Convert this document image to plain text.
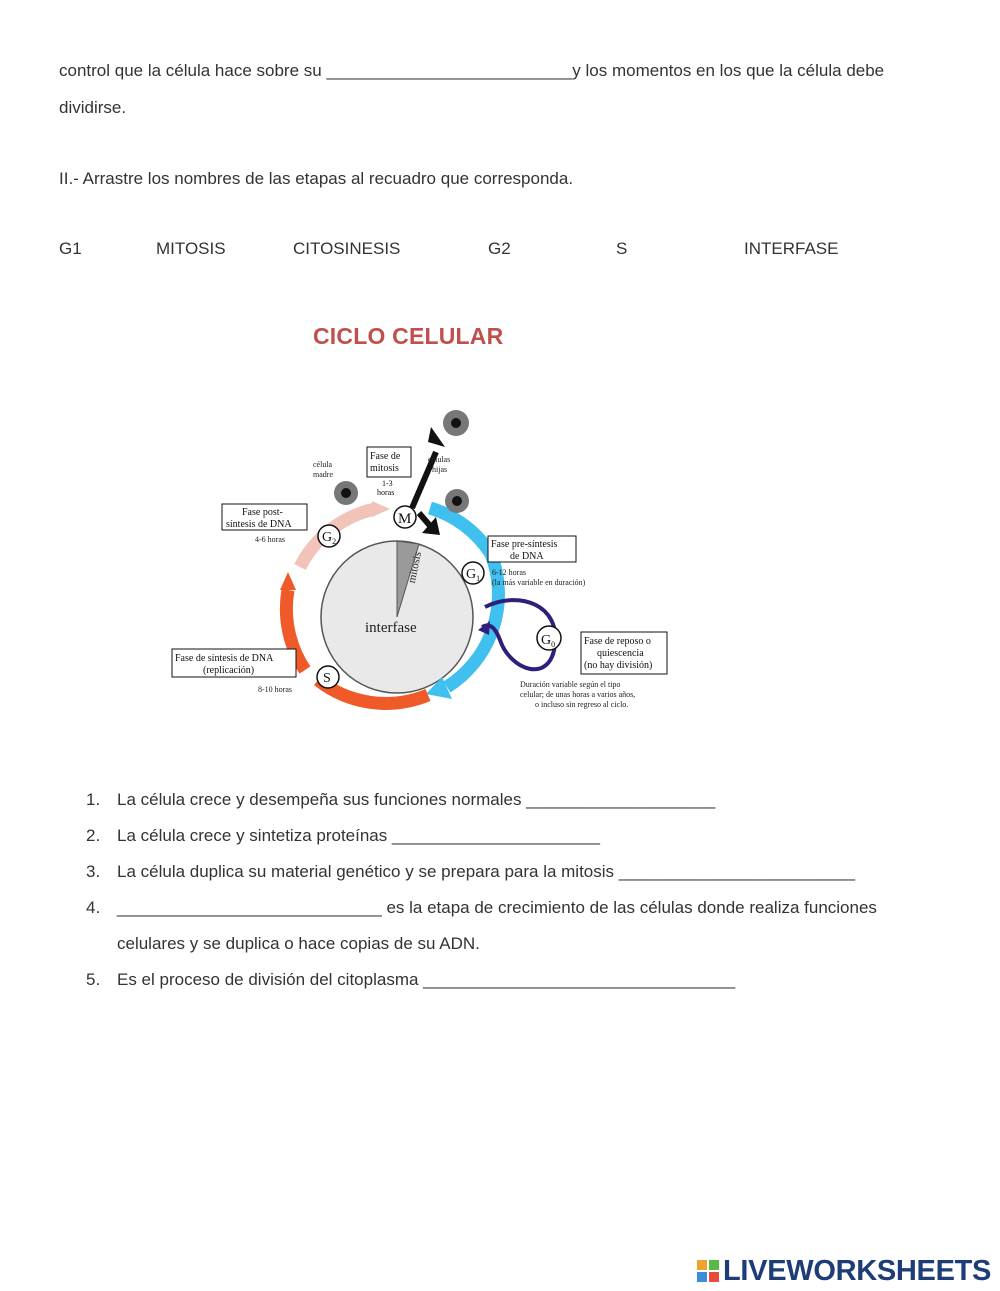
control que la célula hace sobre su __________________________y los momentos en los que la célula debe
dividirse.
II.- Arrastre los nombres de las etapas al recuadro que corresponda.
G1	MITOSIS	CITOSINESIS	G2	S	INTERFASE
CICLO CELULAR
mitosis
interfase
M
$G_2$
$G_1$
$G_0$
S
Fase de
mitosis
1-3
horas
célula
madre
células
hijas
Fase post-
síntesis de DNA
4-6 horas	Fase pre-síntesis
de DNA
6-12 horas
(la más variable en duración)
Fase de reposo o
quiescencia
(no hay división)
Duración variable según el tipo
celular; de unas horas a varios años,
o incluso sin regreso al ciclo.
Fase de síntesis de DNA
(replicación)
8-10 horas
1. La célula crece y desempeña sus funciones normales ____________________
2. La célula crece y sintetiza proteínas ______________________
3. La célula duplica su material genético y se prepara para la mitosis _________________________
4. ____________________________ es la etapa de crecimiento de las células donde realiza funciones
celulares y se duplica o hace copias de su ADN.
5. Es el proceso de división del citoplasma _________________________________
LIVEWORKSHEETS
